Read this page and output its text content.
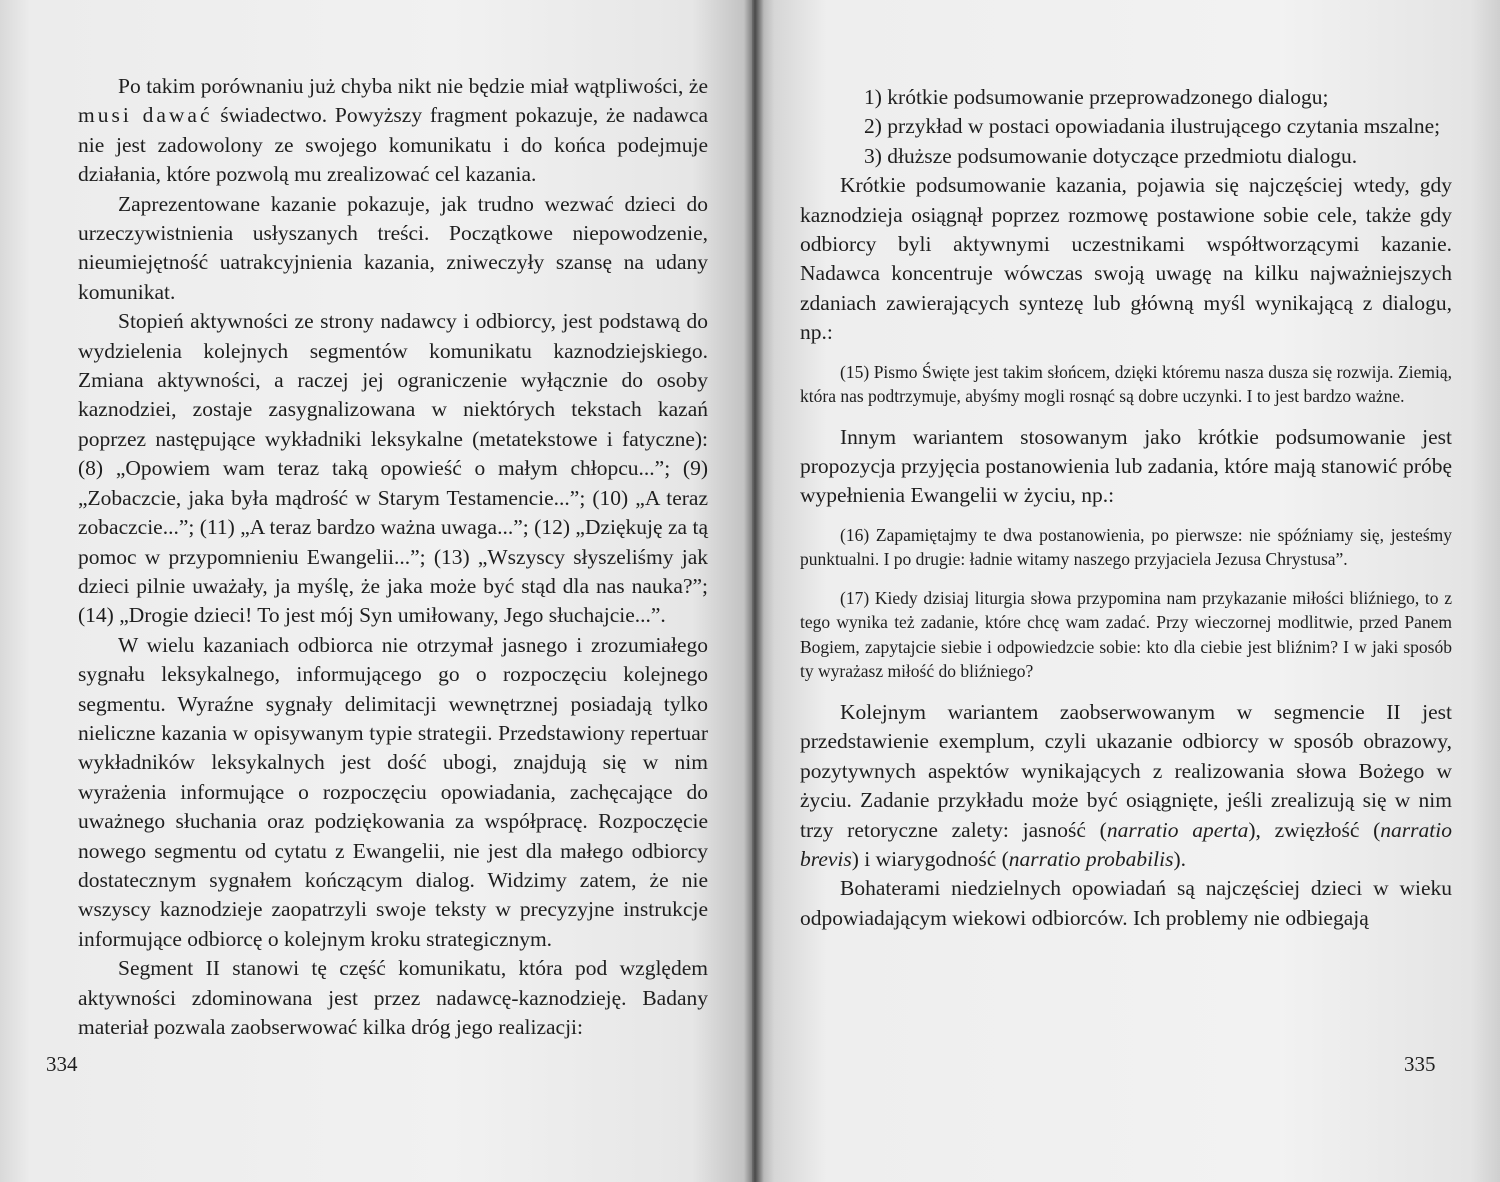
Po takim porównaniu już chyba nikt nie będzie miał wątpliwości, że musi dawać świadectwo. Powyższy fragment pokazuje, że nadawca nie jest zadowolony ze swojego komunikatu i do końca podejmuje działania, które pozwolą mu zrealizować cel kazania.

Zaprezentowane kazanie pokazuje, jak trudno wezwać dzieci do urzeczywistnienia usłyszanych treści. Początkowe niepowodzenie, nieumiejętność uatrakcyjnienia kazania, zniweczyły szansę na udany komunikat.

Stopień aktywności ze strony nadawcy i odbiorcy, jest podstawą do wydzielenia kolejnych segmentów komunikatu kaznodziejskiego. Zmiana aktywności, a raczej jej ograniczenie wyłącznie do osoby kaznodziei, zostaje zasygnalizowana w niektórych tekstach kazań poprzez następujące wykładniki leksykalne (metatekstowe i fatyczne): (8) „Opowiem wam teraz taką opowieść o małym chłopcu...”; (9) „Zobaczcie, jaka była mądrość w Starym Testamencie...”; (10) „A teraz zobaczcie...”; (11) „A teraz bardzo ważna uwaga...”; (12) „Dziękuję za tą pomoc w przypomnieniu Ewangelii...”; (13) „Wszyscy słyszeliśmy jak dzieci pilnie uważały, ja myślę, że jaka może być stąd dla nas nauka?”; (14) „Drogie dzieci! To jest mój Syn umiłowany, Jego słuchajcie...”.

W wielu kazaniach odbiorca nie otrzymał jasnego i zrozumiałego sygnału leksykalnego, informującego go o rozpoczęciu kolejnego segmentu. Wyraźne sygnały delimitacji wewnętrznej posiadają tylko nieliczne kazania w opisywanym typie strategii. Przedstawiony repertuar wykładników leksykalnych jest dość ubogi, znajdują się w nim wyrażenia informujące o rozpoczęciu opowiadania, zachęcające do uważnego słuchania oraz podziękowania za współpracę. Rozpoczęcie nowego segmentu od cytatu z Ewangelii, nie jest dla małego odbiorcy dostatecznym sygnałem kończącym dialog. Widzimy zatem, że nie wszyscy kaznodzieje zaopatrzyli swoje teksty w precyzyjne instrukcje informujące odbiorcę o kolejnym kroku strategicznym.

Segment II stanowi tę część komunikatu, która pod względem aktywności zdominowana jest przez nadawcę-kaznodzieję. Badany materiał pozwala zaobserwować kilka dróg jego realizacji:

334

1) krótkie podsumowanie przeprowadzonego dialogu;

2) przykład w postaci opowiadania ilustrującego czytania mszalne;

3) dłuższe podsumowanie dotyczące przedmiotu dialogu.

Krótkie podsumowanie kazania, pojawia się najczęściej wtedy, gdy kaznodzieja osiągnął poprzez rozmowę postawione sobie cele, także gdy odbiorcy byli aktywnymi uczestnikami współtworzącymi kazanie. Nadawca koncentruje wówczas swoją uwagę na kilku najważniejszych zdaniach zawierających syntezę lub główną myśl wynikającą z dialogu, np.:

(15) Pismo Święte jest takim słońcem, dzięki któremu nasza dusza się rozwija. Ziemią, która nas podtrzymuje, abyśmy mogli rosnąć są dobre uczynki. I to jest bardzo ważne.

Innym wariantem stosowanym jako krótkie podsumowanie jest propozycja przyjęcia postanowienia lub zadania, które mają stanowić próbę wypełnienia Ewangelii w życiu, np.:

(16) Zapamiętajmy te dwa postanowienia, po pierwsze: nie spóźniamy się, jesteśmy punktualni. I po drugie: ładnie witamy naszego przyjaciela Jezusa Chrystusa”.

(17) Kiedy dzisiaj liturgia słowa przypomina nam przykazanie miłości bliźniego, to z tego wynika też zadanie, które chcę wam zadać. Przy wieczornej modlitwie, przed Panem Bogiem, zapytajcie siebie i odpowiedzcie sobie: kto dla ciebie jest bliźnim? I w jaki sposób ty wyrażasz miłość do bliźniego?

Kolejnym wariantem zaobserwowanym w segmencie II jest przedstawienie exemplum, czyli ukazanie odbiorcy w sposób obrazowy, pozytywnych aspektów wynikających z realizowania słowa Bożego w życiu. Zadanie przykładu może być osiągnięte, jeśli zrealizują się w nim trzy retoryczne zalety: jasność (narratio aperta), zwięzłość (narratio brevis) i wiarygodność (narratio probabilis).

Bohaterami niedzielnych opowiadań są najczęściej dzieci w wieku odpowiadającym wiekowi odbiorców. Ich problemy nie odbiegają

335
